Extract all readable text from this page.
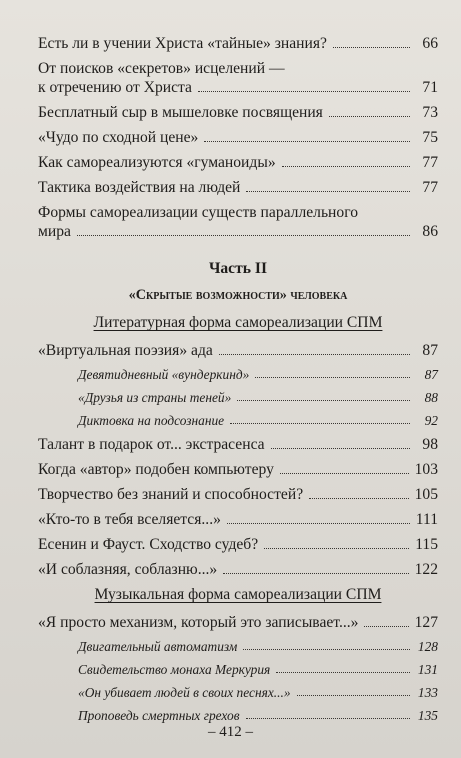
Есть ли в учении Христа «тайные» знания?	66
От поисков «секретов» исцелений —
к отречению от Христа	71
Бесплатный сыр в мышеловке посвящения	73
«Чудо по сходной цене»	75
Как самореализуются «гуманоиды»	77
Тактика воздействия на людей	77
Формы самореализации существ параллельного
мира	86
Часть II
«Скрытые возможности» человека
Литературная форма самореализации СПМ
«Виртуальная поэзия» ада	87
Девятидневный «вундеркинд»	87
«Друзья из страны теней»	88
Диктовка на подсознание	92
Талант в подарок от... экстрасенса	98
Когда «автор» подобен компьютеру	103
Творчество без знаний и способностей?	105
«Кто-то в тебя вселяется...»	111
Есенин и Фауст. Сходство судеб?	115
«И соблазняя, соблазню...»	122
Музыкальная форма самореализации СПМ
«Я просто механизм, который это записывает...»	127
Двигательный автоматизм	128
Свидетельство монаха Меркурия	131
«Он убивает людей в своих песнях...»	133
Проповедь смертных грехов	135
– 412 –
